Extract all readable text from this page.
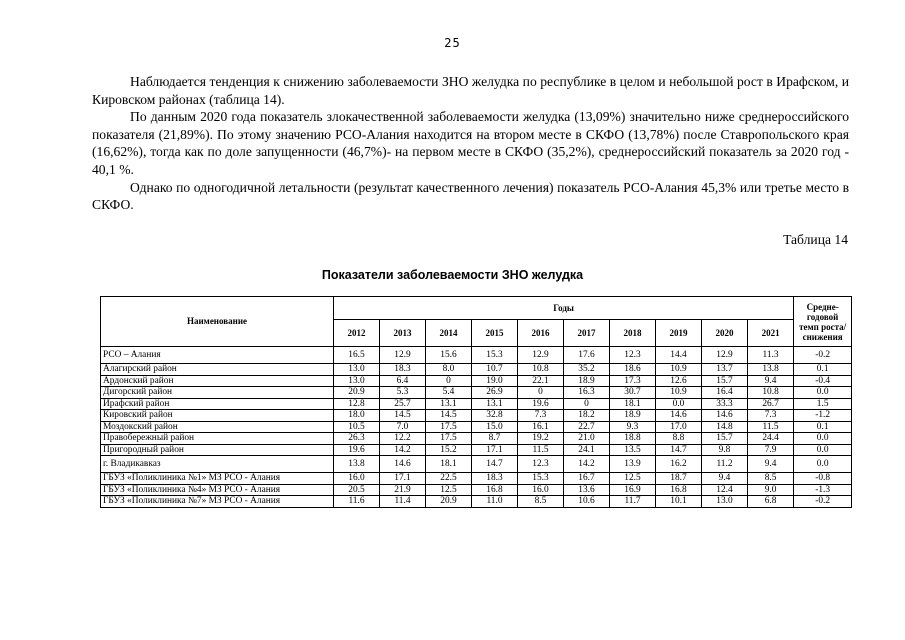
25

Наблюдается тенденция к снижению заболеваемости ЗНО желудка по республике в целом и небольшой рост в Ирафском, и Кировском районах (таблица 14).

По данным 2020 года показатель злокачественной заболеваемости желудка (13,09%) значительно ниже среднероссийского показателя (21,89%). По этому значению РСО-Алания находится на втором месте в СКФО (13,78%) после Ставропольского края (16,62%), тогда как по доле запущенности (46,7%)- на первом месте в СКФО (35,2%), среднероссийский показатель за 2020 год - 40,1 %.

Однако по одногодичной летальности (результат качественного лечения) показатель РСО-Алания 45,3% или третье место в СКФО.

Таблица 14
Показатели заболеваемости ЗНО желудка
Наименование	Годы										Средне-годовой темп роста/ снижения
	2012	2013	2014	2015	2016	2017	2018	2019	2020	2021	
РСО – Алания	16.5	12.9	15.6	15.3	12.9	17.6	12.3	14.4	12.9	11.3	-0.2
Алагирский район	13.0	18.3	8.0	10.7	10.8	35.2	18.6	10.9	13.7	13.8	0.1
Ардонский район	13.0	6.4	0	19.0	22.1	18.9	17.3	12.6	15.7	9.4	-0.4
Дигорский район	20.9	5.3	5.4	26.9	0	16.3	30.7	10.9	16.4	10.8	0.0
Ирафский район	12.8	25.7	13.1	13.1	19.6	0	18.1	0.0	33.3	26.7	1.5
Кировский район	18.0	14.5	14.5	32.8	7.3	18.2	18.9	14.6	14.6	7.3	-1.2
Моздокский район	10.5	7.0	17.5	15.0	16.1	22.7	9.3	17.0	14.8	11.5	0.1
Правобережный район	26.3	12.2	17.5	8.7	19.2	21.0	18.8	8.8	15.7	24.4	0.0
Пригородный район	19.6	14.2	15.2	17.1	11.5	24.1	13.5	14.7	9.8	7.9	0.0
г. Владикавказ	13.8	14.6	18.1	14.7	12.3	14.2	13.9	16.2	11.2	9.4	0.0
ГБУЗ «Поликлиника №1» МЗ РСО - Алания	16.0	17.1	22.5	18.3	15.3	16.7	12.5	18.7	9.4	8.5	-0.8
ГБУЗ «Поликлиника №4» МЗ РСО - Алания	20.5	21.9	12.5	16.8	16.0	13.6	16.9	16.8	12.4	9.0	-1.3
ГБУЗ «Поликлиника №7» МЗ РСО - Алания	11.6	11.4	20.9	11.0	8.5	10.6	11.7	10.1	13.0	6.8	-0.2
